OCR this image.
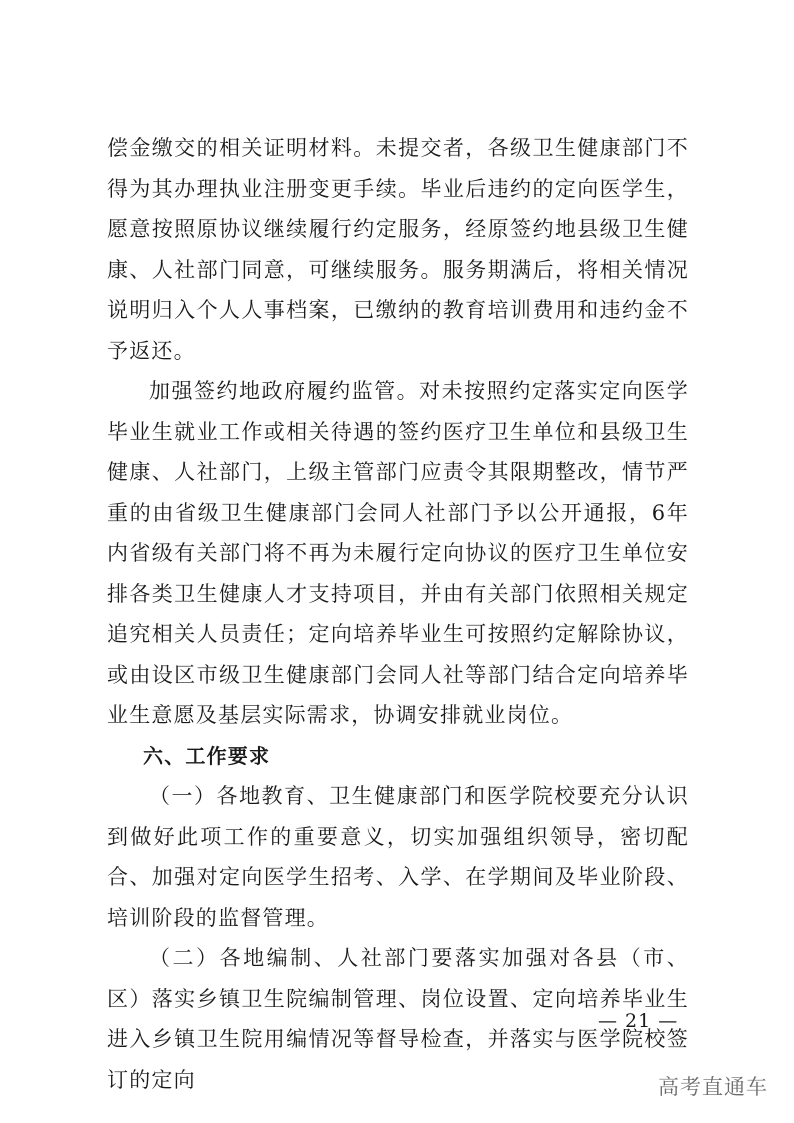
偿金缴交的相关证明材料。未提交者，各级卫生健康部门不得为其办理执业注册变更手续。毕业后违约的定向医学生，愿意按照原协议继续履行约定服务，经原签约地县级卫生健康、人社部门同意，可继续服务。服务期满后，将相关情况说明归入个人人事档案，已缴纳的教育培训费用和违约金不予返还。

加强签约地政府履约监管。对未按照约定落实定向医学毕业生就业工作或相关待遇的签约医疗卫生单位和县级卫生健康、人社部门，上级主管部门应责令其限期整改，情节严重的由省级卫生健康部门会同人社部门予以公开通报，6年内省级有关部门将不再为未履行定向协议的医疗卫生单位安排各类卫生健康人才支持项目，并由有关部门依照相关规定追究相关人员责任；定向培养毕业生可按照约定解除协议，或由设区市级卫生健康部门会同人社等部门结合定向培养毕业生意愿及基层实际需求，协调安排就业岗位。

六、工作要求

（一）各地教育、卫生健康部门和医学院校要充分认识到做好此项工作的重要意义，切实加强组织领导，密切配合、加强对定向医学生招考、入学、在学期间及毕业阶段、培训阶段的监督管理。

（二）各地编制、人社部门要落实加强对各县（市、区）落实乡镇卫生院编制管理、岗位设置、定向培养毕业生进入乡镇卫生院用编情况等督导检查，并落实与医学院校签订的定向

— 21 —
高考直通车
